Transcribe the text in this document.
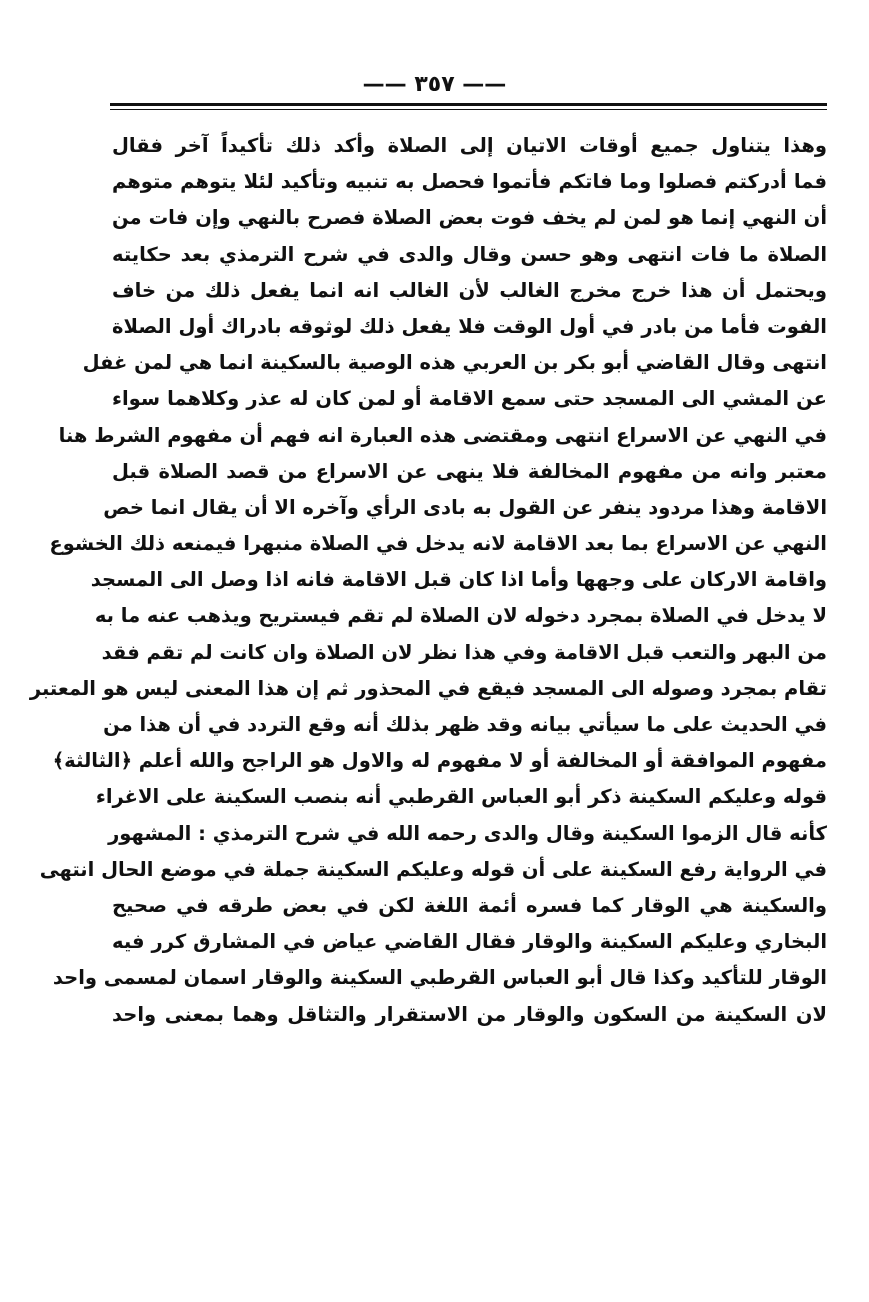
—— ٣٥٧ ——
وهذا يتناول جميع أوقات الاتيان إلى الصلاة وأكد ذلك تأكيداً آخر فقال
فما أدركتم فصلوا وما فاتكم فأتموا فحصل به تنبيه وتأكيد لئلا يتوهم متوهم
أن النهي إنما هو لمن لم يخف فوت بعض الصلاة فصرح بالنهي وإن فات من
الصلاة ما فات انتهى وهو حسن وقال والدى في شرح الترمذي بعد حكايته
ويحتمل أن هذا خرج مخرج الغالب لأن الغالب انه انما يفعل ذلك من خاف
الفوت فأما من بادر في أول الوقت فلا يفعل ذلك لوثوقه بادراك أول الصلاة
انتهى وقال القاضي أبو بكر بن العربي هذه الوصية بالسكينة انما هي لمن غفل
عن المشي الى المسجد حتى سمع الاقامة أو لمن كان له عذر وكلاهما سواء
في النهي عن الاسراع انتهى ومقتضى هذه العبارة انه فهم أن مفهوم الشرط هنا
معتبر وانه من مفهوم المخالفة فلا ينهى عن الاسراع من قصد الصلاة قبل
الاقامة وهذا مردود ينفر عن القول به بادى الرأي وآخره الا أن يقال انما خص
النهي عن الاسراع بما بعد الاقامة لانه يدخل في الصلاة منبهرا فيمنعه ذلك الخشوع
واقامة الاركان على وجهها وأما اذا كان قبل الاقامة فانه اذا وصل الى المسجد
لا يدخل في الصلاة بمجرد دخوله لان الصلاة لم تقم فيستريح ويذهب عنه ما به
من البهر والتعب قبل الاقامة وفي هذا نظر لان الصلاة وان كانت لم تقم فقد
تقام بمجرد وصوله الى المسجد فيقع في المحذور ثم إن هذا المعنى ليس هو المعتبر
في الحديث على ما سيأتي بيانه وقد ظهر بذلك أنه وقع التردد في أن هذا من
مفهوم الموافقة أو المخالفة أو لا مفهوم له والاول هو الراجح والله أعلم ﴿الثالثة﴾
قوله وعليكم السكينة ذكر أبو العباس القرطبي أنه بنصب السكينة على الاغراء
كأنه قال الزموا السكينة وقال والدى رحمه الله في شرح الترمذي : المشهور
في الرواية رفع السكينة على أن قوله وعليكم السكينة جملة في موضع الحال انتهى
والسكينة هي الوقار كما فسره أئمة اللغة لكن في بعض طرقه في صحيح
البخاري وعليكم السكينة والوقار فقال القاضي عياض في المشارق كرر فيه
الوقار للتأكيد وكذا قال أبو العباس القرطبي السكينة والوقار اسمان لمسمى واحد
لان السكينة من السكون والوقار من الاستقرار والتثاقل وهما بمعنى واحد
